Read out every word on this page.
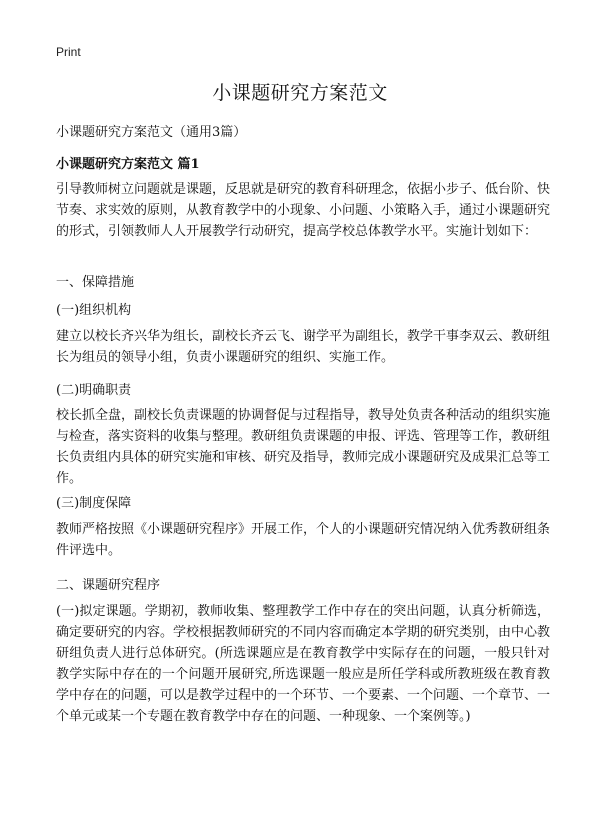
Print
小课题研究方案范文
小课题研究方案范文（通用3篇）
小课题研究方案范文 篇1
引导教师树立问题就是课题，反思就是研究的教育科研理念，依据小步子、低台阶、快节奏、求实效的原则，从教育教学中的小现象、小问题、小策略入手，通过小课题研究的形式，引领教师人人开展教学行动研究，提高学校总体教学水平。实施计划如下：
一、保障措施
(一)组织机构
建立以校长齐兴华为组长，副校长齐云飞、谢学平为副组长，教学干事李双云、教研组长为组员的领导小组，负责小课题研究的组织、实施工作。
(二)明确职责
校长抓全盘，副校长负责课题的协调督促与过程指导，教导处负责各种活动的组织实施与检查，落实资料的收集与整理。教研组负责课题的申报、评选、管理等工作，教研组长负责组内具体的研究实施和审核、研究及指导，教师完成小课题研究及成果汇总等工作。
(三)制度保障
教师严格按照《小课题研究程序》开展工作，个人的小课题研究情况纳入优秀教研组条件评选中。
二、课题研究程序
(一)拟定课题。学期初，教师收集、整理教学工作中存在的突出问题，认真分析筛选，确定要研究的内容。学校根据教师研究的不同内容而确定本学期的研究类别，由中心教研组负责人进行总体研究。(所选课题应是在教育教学中实际存在的问题，一般只针对教学实际中存在的一个问题开展研究,所选课题一般应是所任学科或所教班级在教育教学中存在的问题，可以是教学过程中的一个环节、一个要素、一个问题、一个章节、一个单元或某一个专题在教育教学中存在的问题、一种现象、一个案例等。)
